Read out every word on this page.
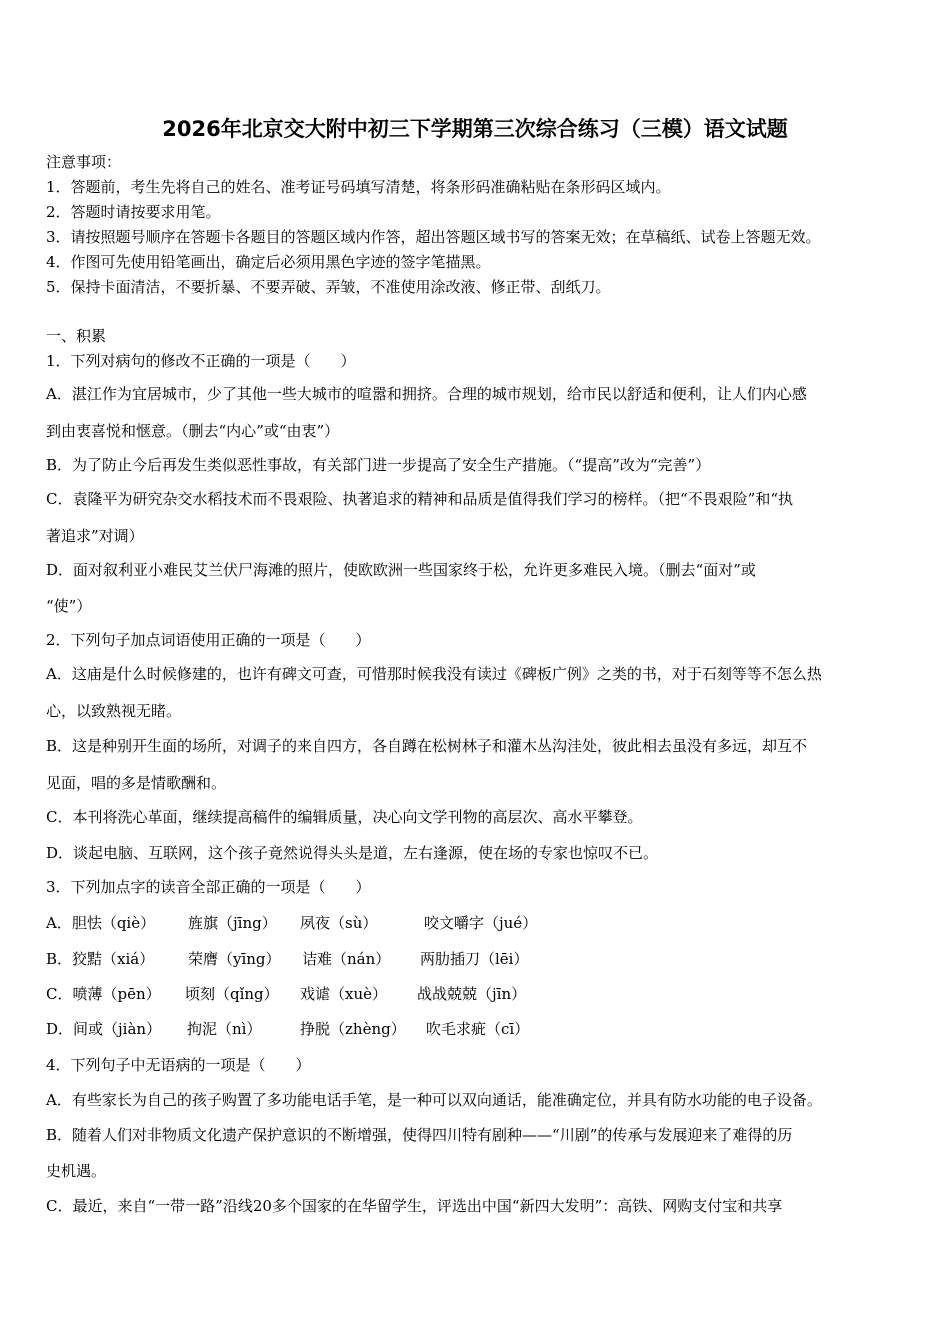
2026年北京交大附中初三下学期第三次综合练习（三模）语文试题
注意事项：
1．答题前，考生先将自己的姓名、准考证号码填写清楚，将条形码准确粘贴在条形码区域内。
2．答题时请按要求用笔。
3．请按照题号顺序在答题卡各题目的答题区域内作答，超出答题区域书写的答案无效；在草稿纸、试卷上答题无效。
4．作图可先使用铅笔画出，确定后必须用黑色字迹的签字笔描黑。
5．保持卡面清洁，不要折暴、不要弄破、弄皱，不准使用涂改液、修正带、刮纸刀。
一、积累
1．下列对病句的修改不正确的一项是（　　）
A．湛江作为宜居城市，少了其他一些大城市的喧嚣和拥挤。合理的城市规划，给市民以舒适和便利，让人们内心感
到由衷喜悦和惬意。（删去“内心”或“由衷”）
B．为了防止今后再发生类似恶性事故，有关部门进一步提高了安全生产措施。（“提高”改为“完善”）
C．袁隆平为研究杂交水稻技术而不畏艰险、执著追求的精神和品质是值得我们学习的榜样。（把“不畏艰险”和“执
著追求”对调）
D．面对叙利亚小难民艾兰伏尸海滩的照片，使欧欧洲一些国家终于松，允许更多难民入境。（删去“面对”或
“使”）
2．下列句子加点词语使用正确的一项是（　　）
A．这庙是什么时候修建的，也许有碑文可查，可惜那时候我没有读过《碑板广例》之类的书，对于石刻等等不怎么热
心，以致熟视无睹。
B．这是种别开生面的场所，对调子的来自四方，各自蹲在松树林子和灌木丛沟洼处，彼此相去虽没有多远，却互不
见面，唱的多是情歌酬和。
C．本刊将洗心革面，继续提高稿件的编辑质量，决心向文学刊物的高层次、高水平攀登。
D．谈起电脑、互联网，这个孩子竟然说得头头是道，左右逢源，使在场的专家也惊叹不已。
3．下列加点字的读音全部正确的一项是（　　）
A．胆怯（qiè） 旌旗（jīng） 夙夜（sù）	咬文嚼字（jué）
B．狡黠（xiá） 荣膺（yīng） 诘难（nán） 两肋插刀（lēi）
C．喷薄（pēn） 顷刻（qǐng） 戏谑（xuè） 战战兢兢（jīn）
D．间或（jiàn） 拘泥（nì）	挣脱（zhèng） 吹毛求疵（cī）
4．下列句子中无语病的一项是（　　）
A．有些家长为自己的孩子购置了多功能电话手笔，是一种可以双向通话，能准确定位，并具有防水功能的电子设备。
B．随着人们对非物质文化遗产保护意识的不断增强，使得四川特有剧种——“川剧”的传承与发展迎来了难得的历
史机遇。
C．最近，来自“一带一路”沿线20多个国家的在华留学生，评选出中国“新四大发明”：高铁、网购支付宝和共享
